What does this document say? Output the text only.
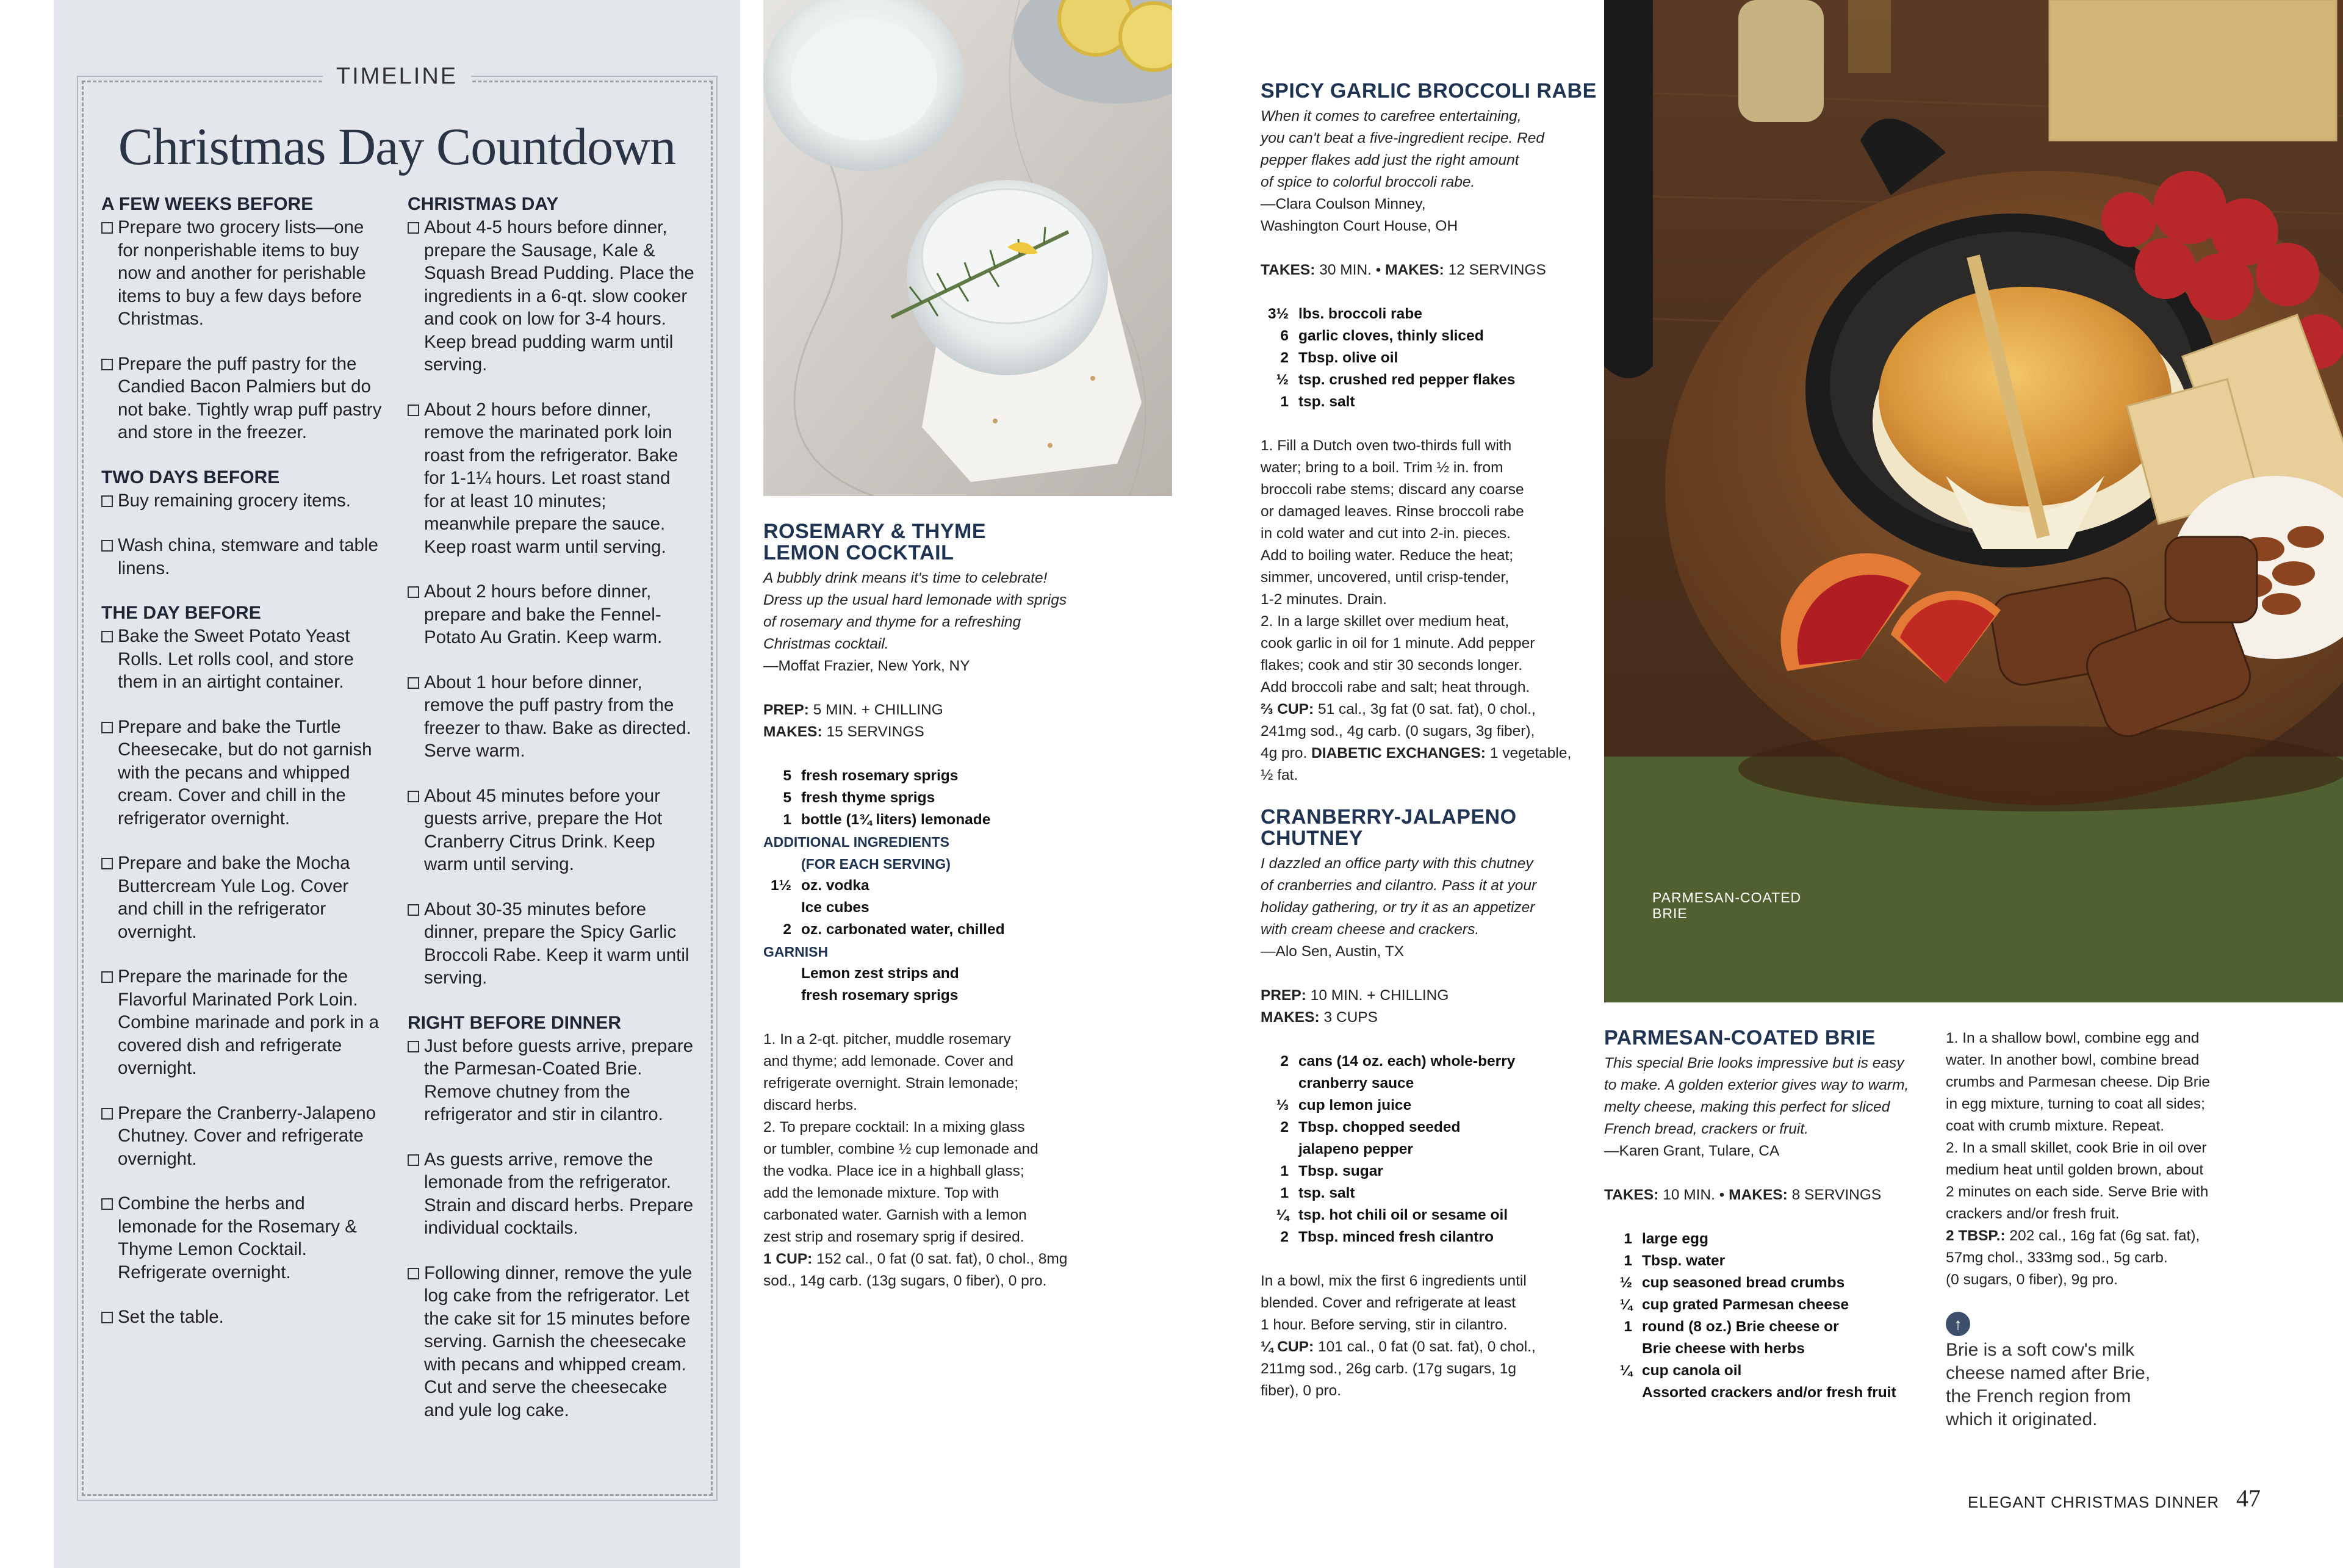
TIMELINE
Christmas Day Countdown
A FEW WEEKS BEFORE
Prepare two grocery lists—one for nonperishable items to buy now and another for perishable items to buy a few days before Christmas.
Prepare the puff pastry for the Candied Bacon Palmiers but do not bake. Tightly wrap puff pastry and store in the freezer.
TWO DAYS BEFORE
Buy remaining grocery items.
Wash china, stemware and table linens.
THE DAY BEFORE
Bake the Sweet Potato Yeast Rolls. Let rolls cool, and store them in an airtight container.
Prepare and bake the Turtle Cheesecake, but do not garnish with the pecans and whipped cream. Cover and chill in the refrigerator overnight.
Prepare and bake the Mocha Buttercream Yule Log. Cover and chill in the refrigerator overnight.
Prepare the marinade for the Flavorful Marinated Pork Loin. Combine marinade and pork in a covered dish and refrigerate overnight.
Prepare the Cranberry-Jalapeno Chutney. Cover and refrigerate overnight.
Combine the herbs and lemonade for the Rosemary & Thyme Lemon Cocktail. Refrigerate overnight.
Set the table.
CHRISTMAS DAY
About 4-5 hours before dinner, prepare the Sausage, Kale & Squash Bread Pudding. Place the ingredients in a 6-qt. slow cooker and cook on low for 3-4 hours. Keep bread pudding warm until serving.
About 2 hours before dinner, remove the marinated pork loin roast from the refrigerator. Bake for 1-1¼ hours. Let roast stand for at least 10 minutes; meanwhile prepare the sauce. Keep roast warm until serving.
About 2 hours before dinner, prepare and bake the Fennel-Potato Au Gratin. Keep warm.
About 1 hour before dinner, remove the puff pastry from the freezer to thaw. Bake as directed. Serve warm.
About 45 minutes before your guests arrive, prepare the Hot Cranberry Citrus Drink. Keep warm until serving.
About 30-35 minutes before dinner, prepare the Spicy Garlic Broccoli Rabe. Keep it warm until serving.
RIGHT BEFORE DINNER
Just before guests arrive, prepare the Parmesan-Coated Brie. Remove chutney from the refrigerator and stir in cilantro.
As guests arrive, remove the lemonade from the refrigerator. Strain and discard herbs. Prepare individual cocktails.
Following dinner, remove the yule log cake from the refrigerator. Let the cake sit for 15 minutes before serving. Garnish the cheesecake with pecans and whipped cream. Cut and serve the cheesecake and yule log cake.
ROSEMARY & THYME
LEMON COCKTAIL
A bubbly drink means it's time to celebrate!
Dress up the usual hard lemonade with sprigs
of rosemary and thyme for a refreshing
Christmas cocktail.
—Moffat Frazier, New York, NY
PREP: 5 MIN. + CHILLING
MAKES: 15 SERVINGS
5 fresh rosemary sprigs
5 fresh thyme sprigs
1 bottle (1¾ liters) lemonade
ADDITIONAL INGREDIENTS
(FOR EACH SERVING)
1½ oz. vodka
Ice cubes
2 oz. carbonated water, chilled
GARNISH
Lemon zest strips and
fresh rosemary sprigs
1. In a 2-qt. pitcher, muddle rosemary
and thyme; add lemonade. Cover and
refrigerate overnight. Strain lemonade;
discard herbs.
2. To prepare cocktail: In a mixing glass
or tumbler, combine ½ cup lemonade and
the vodka. Place ice in a highball glass;
add the lemonade mixture. Top with
carbonated water. Garnish with a lemon
zest strip and rosemary sprig if desired.
1 CUP: 152 cal., 0 fat (0 sat. fat), 0 chol., 8mg
sod., 14g carb. (13g sugars, 0 fiber), 0 pro.
SPICY GARLIC BROCCOLI RABE
When it comes to carefree entertaining,
you can't beat a five-ingredient recipe. Red
pepper flakes add just the right amount
of spice to colorful broccoli rabe.
—Clara Coulson Minney,
Washington Court House, OH
TAKES: 30 MIN. • MAKES: 12 SERVINGS
3½ lbs. broccoli rabe
6 garlic cloves, thinly sliced
2 Tbsp. olive oil
½ tsp. crushed red pepper flakes
1 tsp. salt
1. Fill a Dutch oven two-thirds full with
water; bring to a boil. Trim ½ in. from
broccoli rabe stems; discard any coarse
or damaged leaves. Rinse broccoli rabe
in cold water and cut into 2-in. pieces.
Add to boiling water. Reduce the heat;
simmer, uncovered, until crisp-tender,
1-2 minutes. Drain.
2. In a large skillet over medium heat,
cook garlic in oil for 1 minute. Add pepper
flakes; cook and stir 30 seconds longer.
Add broccoli rabe and salt; heat through.
⅔ CUP: 51 cal., 3g fat (0 sat. fat), 0 chol.,
241mg sod., 4g carb. (0 sugars, 3g fiber),
4g pro. DIABETIC EXCHANGES: 1 vegetable,
½ fat.
CRANBERRY-JALAPENO
CHUTNEY
I dazzled an office party with this chutney
of cranberries and cilantro. Pass it at your
holiday gathering, or try it as an appetizer
with cream cheese and crackers.
—Alo Sen, Austin, TX
PREP: 10 MIN. + CHILLING
MAKES: 3 CUPS
2 cans (14 oz. each) whole-berry
cranberry sauce
⅓ cup lemon juice
2 Tbsp. chopped seeded
jalapeno pepper
1 Tbsp. sugar
1 tsp. salt
¼ tsp. hot chili oil or sesame oil
2 Tbsp. minced fresh cilantro
In a bowl, mix the first 6 ingredients until
blended. Cover and refrigerate at least
1 hour. Before serving, stir in cilantro.
¼ CUP: 101 cal., 0 fat (0 sat. fat), 0 chol.,
211mg sod., 26g carb. (17g sugars, 1g
fiber), 0 pro.
PARMESAN-COATED
BRIE
PARMESAN-COATED BRIE
This special Brie looks impressive but is easy
to make. A golden exterior gives way to warm,
melty cheese, making this perfect for sliced
French bread, crackers or fruit.
—Karen Grant, Tulare, CA
TAKES: 10 MIN. • MAKES: 8 SERVINGS
1 large egg
1 Tbsp. water
½ cup seasoned bread crumbs
¼ cup grated Parmesan cheese
1 round (8 oz.) Brie cheese or
Brie cheese with herbs
¼ cup canola oil
Assorted crackers and/or fresh fruit
1. In a shallow bowl, combine egg and
water. In another bowl, combine bread
crumbs and Parmesan cheese. Dip Brie
in egg mixture, turning to coat all sides;
coat with crumb mixture. Repeat.
2. In a small skillet, cook Brie in oil over
medium heat until golden brown, about
2 minutes on each side. Serve Brie with
crackers and/or fresh fruit.
2 TBSP.: 202 cal., 16g fat (6g sat. fat),
57mg chol., 333mg sod., 5g carb.
(0 sugars, 0 fiber), 9g pro.
↑
Brie is a soft cow's milk
cheese named after Brie,
the French region from
which it originated.
ELEGANT CHRISTMAS DINNER 47
